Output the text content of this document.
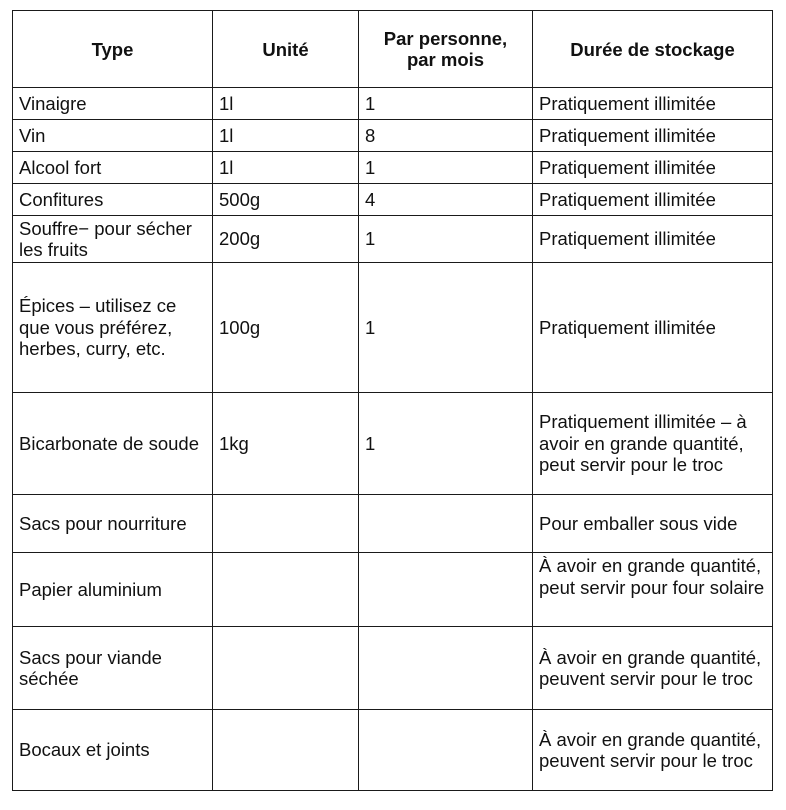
Type	Unité	Par personne, par mois	Durée de stockage
Vinaigre	1l	1	Pratiquement illimitée
Vin	1l	8	Pratiquement illimitée
Alcool fort	1l	1	Pratiquement illimitée
Confitures	500g	4	Pratiquement illimitée
Souffre− pour sécher les fruits	200g	1	Pratiquement illimitée
Épices – utilisez ce que vous préférez, herbes, curry, etc.	100g	1	Pratiquement illimitée
Bicarbonate de soude	1kg	1	Pratiquement illimitée – à avoir en grande quantité, peut servir pour le troc
Sacs pour nourriture			Pour emballer sous vide
Papier aluminium			À avoir en grande quantité, peut servir pour four solaire
Sacs pour viande séchée			À avoir en grande quantité, peuvent servir pour le troc
Bocaux et joints			À avoir en grande quantité, peuvent servir pour le troc
